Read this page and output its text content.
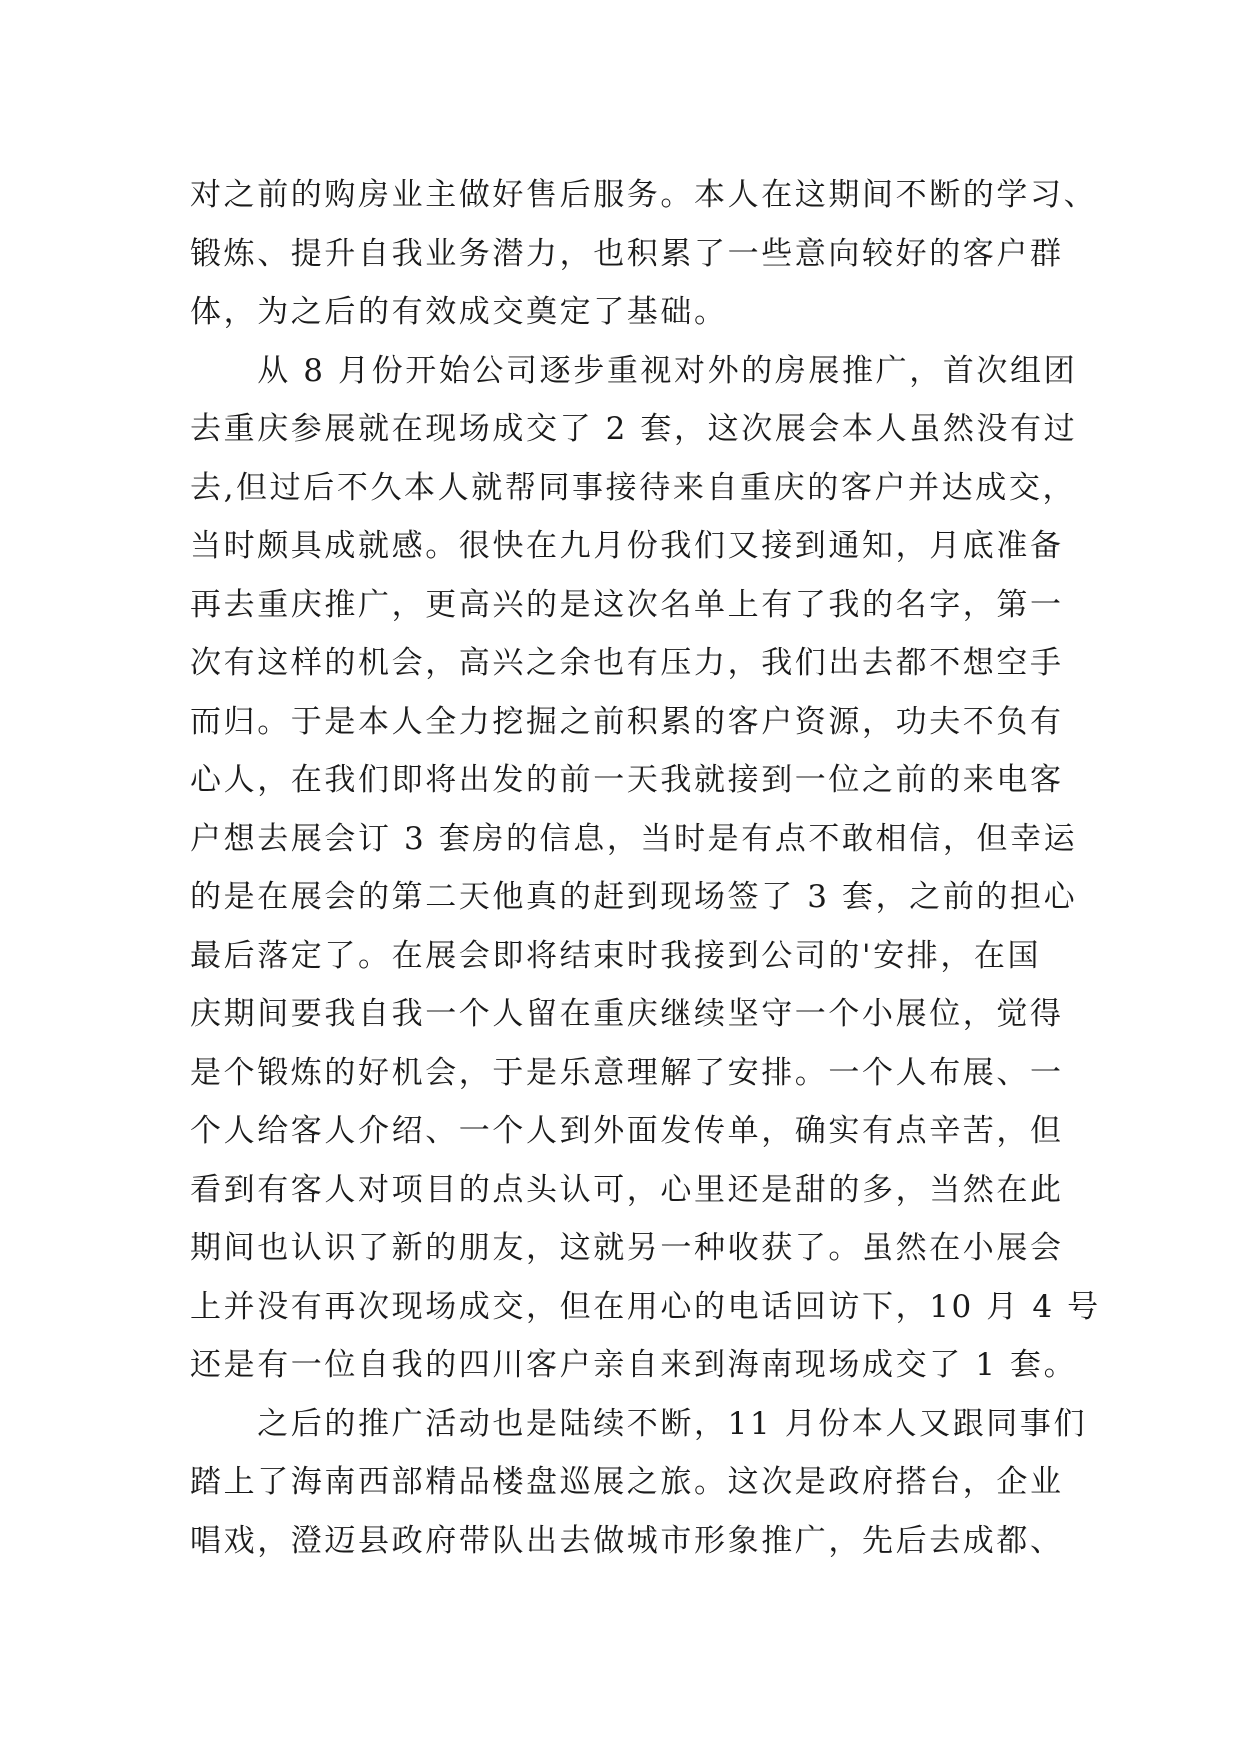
对之前的购房业主做好售后服务。本人在这期间不断的学习、
锻炼、提升自我业务潜力，也积累了一些意向较好的客户群
体，为之后的有效成交奠定了基础。
　　从 8 月份开始公司逐步重视对外的房展推广，首次组团
去重庆参展就在现场成交了 2 套，这次展会本人虽然没有过
去,但过后不久本人就帮同事接待来自重庆的客户并达成交，
当时颇具成就感。很快在九月份我们又接到通知，月底准备
再去重庆推广，更高兴的是这次名单上有了我的名字，第一
次有这样的机会，高兴之余也有压力，我们出去都不想空手
而归。于是本人全力挖掘之前积累的客户资源，功夫不负有
心人，在我们即将出发的前一天我就接到一位之前的来电客
户想去展会订 3 套房的信息，当时是有点不敢相信，但幸运
的是在展会的第二天他真的赶到现场签了 3 套，之前的担心
最后落定了。在展会即将结束时我接到公司的'安排，在国
庆期间要我自我一个人留在重庆继续坚守一个小展位，觉得
是个锻炼的好机会，于是乐意理解了安排。一个人布展、一
个人给客人介绍、一个人到外面发传单，确实有点辛苦，但
看到有客人对项目的点头认可，心里还是甜的多，当然在此
期间也认识了新的朋友，这就另一种收获了。虽然在小展会
上并没有再次现场成交，但在用心的电话回访下，10 月 4 号
还是有一位自我的四川客户亲自来到海南现场成交了 1 套。
　　之后的推广活动也是陆续不断，11 月份本人又跟同事们
踏上了海南西部精品楼盘巡展之旅。这次是政府搭台，企业
唱戏，澄迈县政府带队出去做城市形象推广，先后去成都、
